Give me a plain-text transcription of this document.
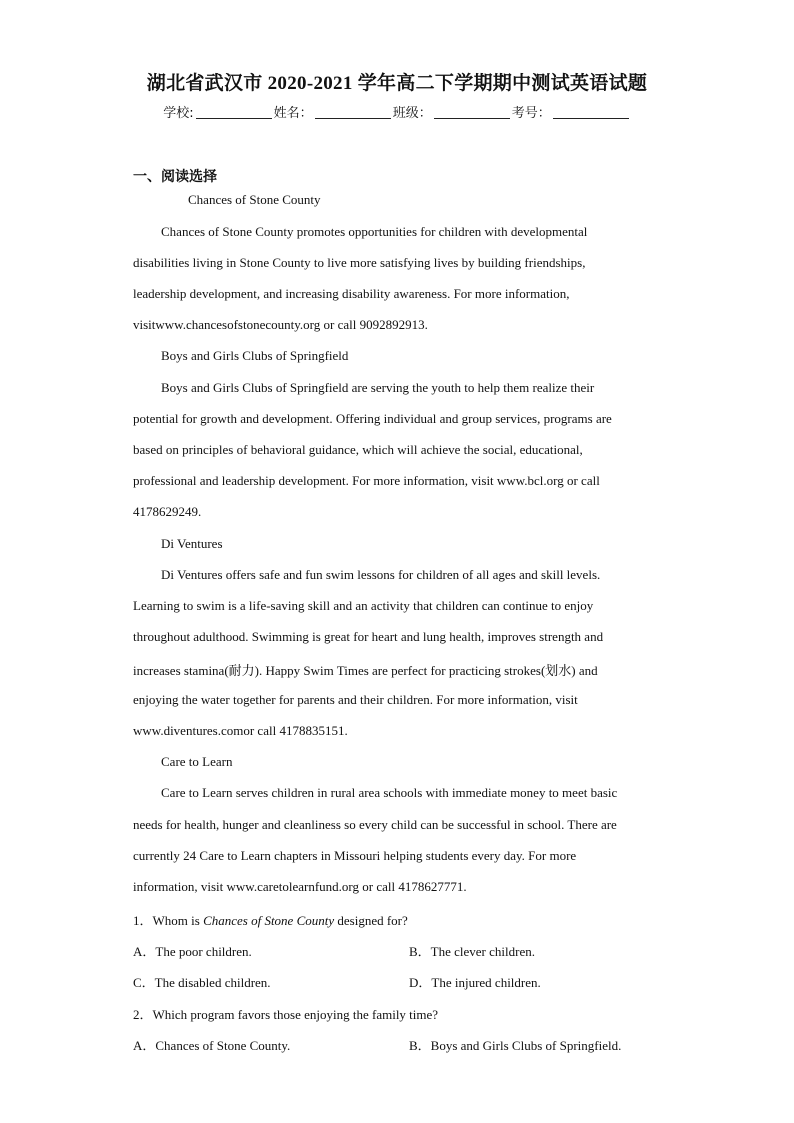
湖北省武汉市 2020-2021 学年高二下学期期中测试英语试题
学校:	姓名：	班级：	考号：
一、阅读选择
Chances of Stone County
Chances of Stone County promotes opportunities for children with developmental
disabilities living in Stone County to live more satisfying lives by building friendships,
leadership development, and increasing disability awareness. For more information,
visitwww.chancesofstonecounty.org or call 9092892913.
Boys and Girls Clubs of Springfield
Boys and Girls Clubs of Springfield are serving the youth to help them realize their
potential for growth and development. Offering individual and group services, programs are
based on principles of behavioral guidance, which will achieve the social, educational,
professional and leadership development. For more information, visit www.bcl.org or call
4178629249.
Di Ventures
Di Ventures offers safe and fun swim lessons for children of all ages and skill levels.
Learning to swim is a life-saving skill and an activity that children can continue to enjoy
throughout adulthood. Swimming is great for heart and lung health, improves strength and
increases stamina(耐力). Happy Swim Times are perfect for practicing strokes(划水) and
enjoying the water together for parents and their children. For more information, visit
www.diventures.comor call 4178835151.
Care to Learn
Care to Learn serves children in rural area schools with immediate money to meet basic
needs for health, hunger and cleanliness so every child can be successful in school. There are
currently 24 Care to Learn chapters in Missouri helping students every day. For more
information, visit www.caretolearnfund.org or call 4178627771.
1．Whom is Chances of Stone County designed for?
A．The poor children.	B．The clever children.
C．The disabled children.	D．The injured children.
2．Which program favors those enjoying the family time?
A．Chances of Stone County.	B．Boys and Girls Clubs of Springfield.
